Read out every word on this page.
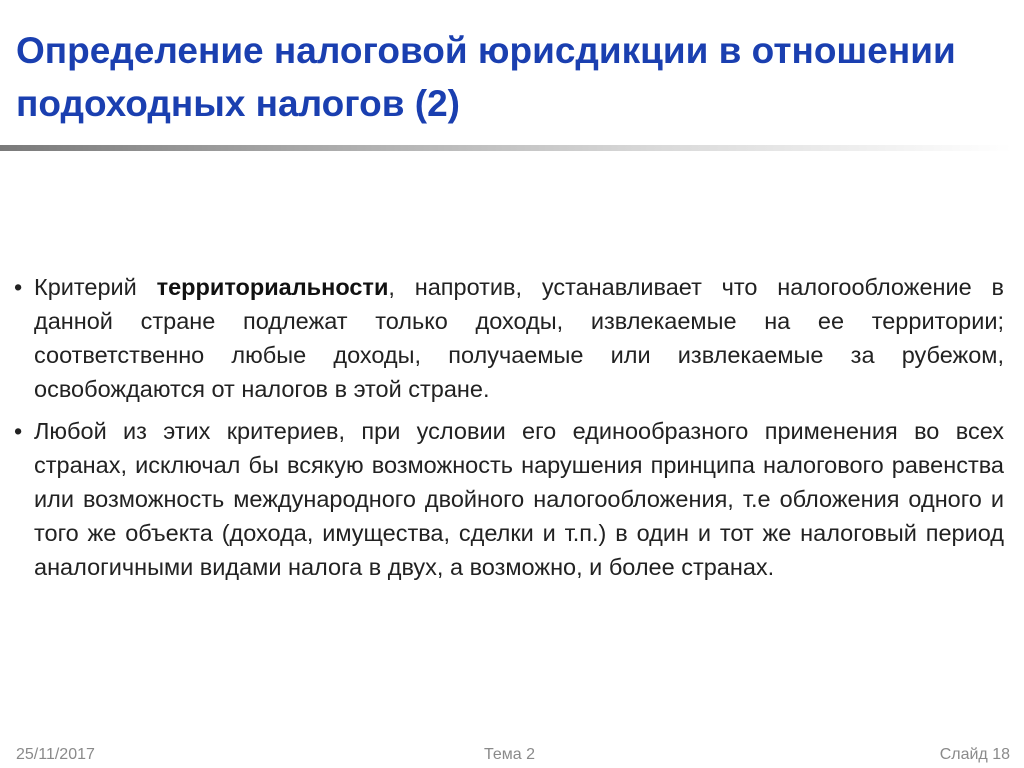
Определение налоговой юрисдикции в отношении подоходных налогов (2)
• Критерий территориальности, напротив, устанавливает что налогообложение в данной стране подлежат только доходы, извлекаемые на ее территории; соответственно любые доходы, получаемые или извлекаемые за рубежом, освобождаются от налогов в этой стране.
• Любой из этих критериев, при условии его единообразного применения во всех странах, исключал бы всякую возможность нарушения принципа налогового равенства или возможность международного двойного налогообложения, т.е обложения одного и того же объекта (дохода, имущества, сделки и т.п.) в один и тот же налоговый период аналогичными видами налога в двух, а возможно, и более странах.
25/11/2017	Тема 2	Слайд 18
